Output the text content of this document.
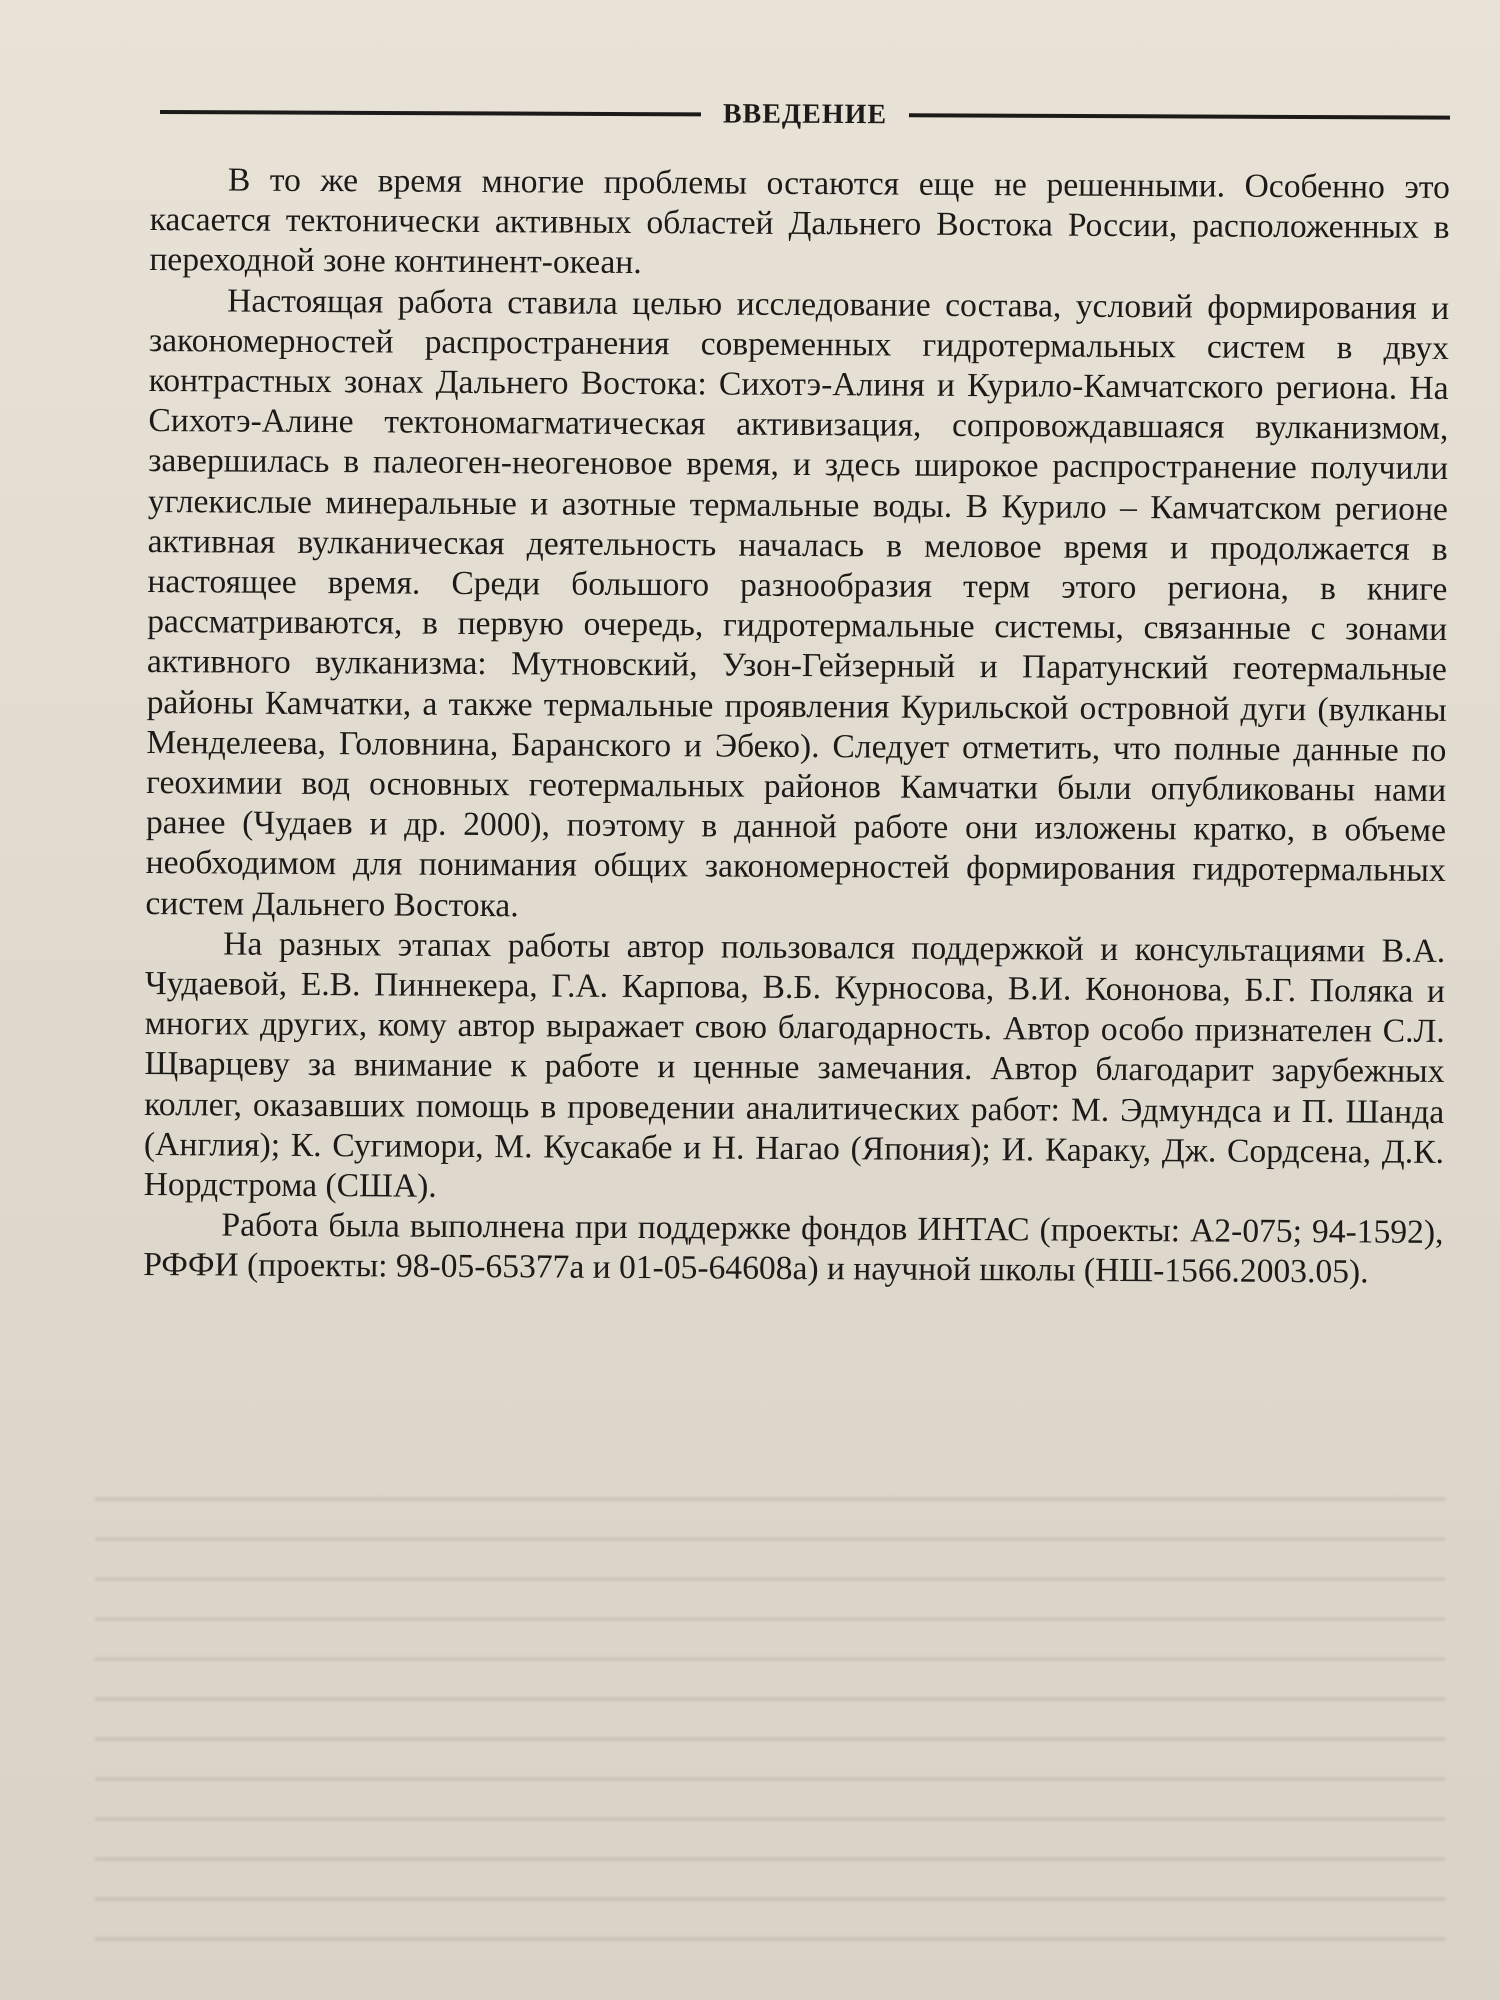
ВВЕДЕНИЕ

В то же время многие проблемы остаются еще не решенными. Особенно это касается тектонически активных областей Дальнего Востока России, расположенных в переходной зоне континент-океан.

Настоящая работа ставила целью исследование состава, условий формирования и закономерностей распространения современных гидротермальных систем в двух контрастных зонах Дальнего Востока: Сихотэ-Алиня и Курило-Камчатского региона. На Сихотэ-Алине тектономагматическая активизация, сопровождавшаяся вулканизмом, завершилась в палеоген-неогеновое время, и здесь широкое распространение получили углекислые минеральные и азотные термальные воды. В Курило – Камчатском регионе активная вулканическая деятельность началась в меловое время и продолжается в настоящее время. Среди большого разнообразия терм этого региона, в книге рассматриваются, в первую очередь, гидротермальные системы, связанные с зонами активного вулканизма: Мутновский, Узон-Гейзерный и Паратунский геотермальные районы Камчатки, а также термальные проявления Курильской островной дуги (вулканы Менделеева, Головнина, Баранского и Эбеко). Следует отметить, что полные данные по геохимии вод основных геотермальных районов Камчатки были опубликованы нами ранее (Чудаев и др. 2000), поэтому в данной работе они изложены кратко, в объеме необходимом для понимания общих закономерностей формирования гидротермальных систем Дальнего Востока.

На разных этапах работы автор пользовался поддержкой и консультациями В.А. Чудаевой, Е.В. Пиннекера, Г.А. Карпова, В.Б. Курносова, В.И. Кононова, Б.Г. Поляка и многих других, кому автор выражает свою благодарность. Автор особо признателен С.Л. Щварцеву за внимание к работе и ценные замечания. Автор благодарит зарубежных коллег, оказавших помощь в проведении аналитических работ: М. Эдмундса и П. Шанда (Англия); К. Сугимори, М. Кусакабе и Н. Нагао (Япония); И. Караку, Дж. Сордсена, Д.К. Нордстрома (США).

Работа была выполнена при поддержке фондов ИНТАС (проекты: А2-075; 94-1592), РФФИ (проекты: 98-05-65377а и 01-05-64608а) и научной школы (НШ-1566.2003.05).
